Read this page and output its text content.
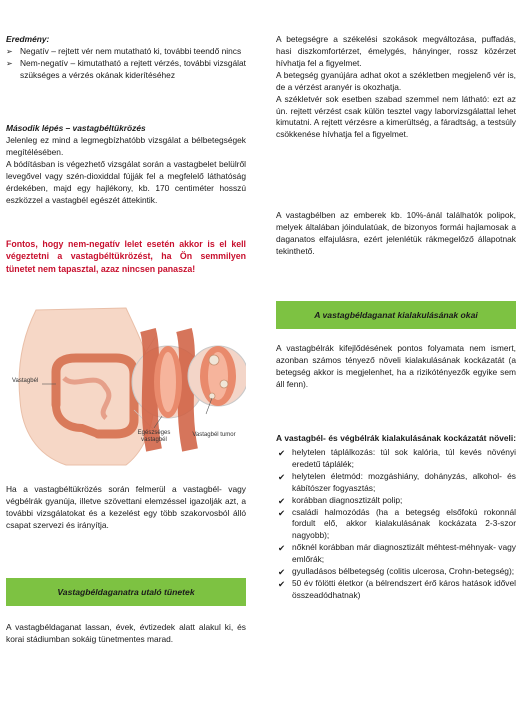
Eredmény:
➢ Negatív – rejtett vér nem mutatható ki, további teendő nincs
➢ Nem-negatív – kimutatható a rejtett vérzés, további vizsgálat szükséges a vérzés okának kiderítéséhez
Második lépés – vastagbéltükrözés

Jelenleg ez mind a legmegbízhatóbb vizsgálat a bélbetegségek megítélésében.

A bódításban is végezhető vizsgálat során a vastagbelet belülről levegővel vagy szén-dioxiddal fújják fel a megfelelő láthatóság érdekében, majd egy hajlékony, kb. 170 centiméter hosszú eszközzel a vastagbél egészét áttekintik.

Fontos, hogy nem-negatív lelet esetén akkor is el kell végeztetni a vastagbéltükrözést, ha Ön semmilyen tünetet nem tapasztal, azaz nincsen panasza!

Vastagbél
Egészséges vastagbél
Vastagbél tumor

Ha a vastagbéltükrözés során felmerül a vastagbél- vagy végbélrák gyanúja, illetve szövettani elemzéssel igazolják azt, a további vizsgálatokat és a kezelést egy több szakorvosból álló csapat szervezi és irányítja.

Vastagbéldaganatra utaló tünetek

A vastagbéldaganat lassan, évek, évtizedek alatt alakul ki, és korai stádiumban sokáig tünetmentes marad.

A betegségre a székelési szokások megváltozása, puffadás, hasi diszkomfortérzet, émelygés, hányinger, rossz közérzet hívhatja fel a figyelmet.

A betegség gyanújára adhat okot a székletben megjelenő vér is, de a vérzést aranyér is okozhatja.

A székletvér sok esetben szabad szemmel nem látható: ezt az ún. rejtett vérzést csak külön tesztel vagy laborvizsgálattal lehet kimutatni. A rejtett vérzésre a kimerültség, a fáradtság, a testsúly csökkenése hívhatja fel a figyelmet.

A vastagbélben az emberek kb. 10%-ánál találhatók polipok, melyek általában jóindulatúak, de bizonyos formái hajlamosak a daganatos elfajulásra, ezért jelenlétük rákmegelőző állapotnak tekinthető.

A vastagbéldaganat kialakulásának okai

A vastagbélrák kifejlődésének pontos folyamata nem ismert, azonban számos tényező növeli kialakulásának kockázatát (a betegség akkor is megjelenhet, ha a rizikótényezők egyike sem áll fenn).

A vastagbél- és végbélrák kialakulásának kockázatát növeli:
✔ helytelen táplálkozás: túl sok kalória, túl kevés növényi eredetű táplálék;
✔ helytelen életmód: mozgáshiány, dohányzás, alkohol- és kábítószer fogyasztás;
✔ korábban diagnosztizált polip;
✔ családi halmozódás (ha a betegség elsőfokú rokonnál fordult elő, akkor kialakulásának kockázata 2-3-szor nagyobb);
✔ nőknél korábban már diagnosztizált méhtest-méhnyak- vagy emlőrák;
✔ gyulladásos bélbetegség (colitis ulcerosa, Crohn-betegség);
✔ 50 év fölötti életkor (a bélrendszert érő káros hatások idővel összeadódhatnak)
